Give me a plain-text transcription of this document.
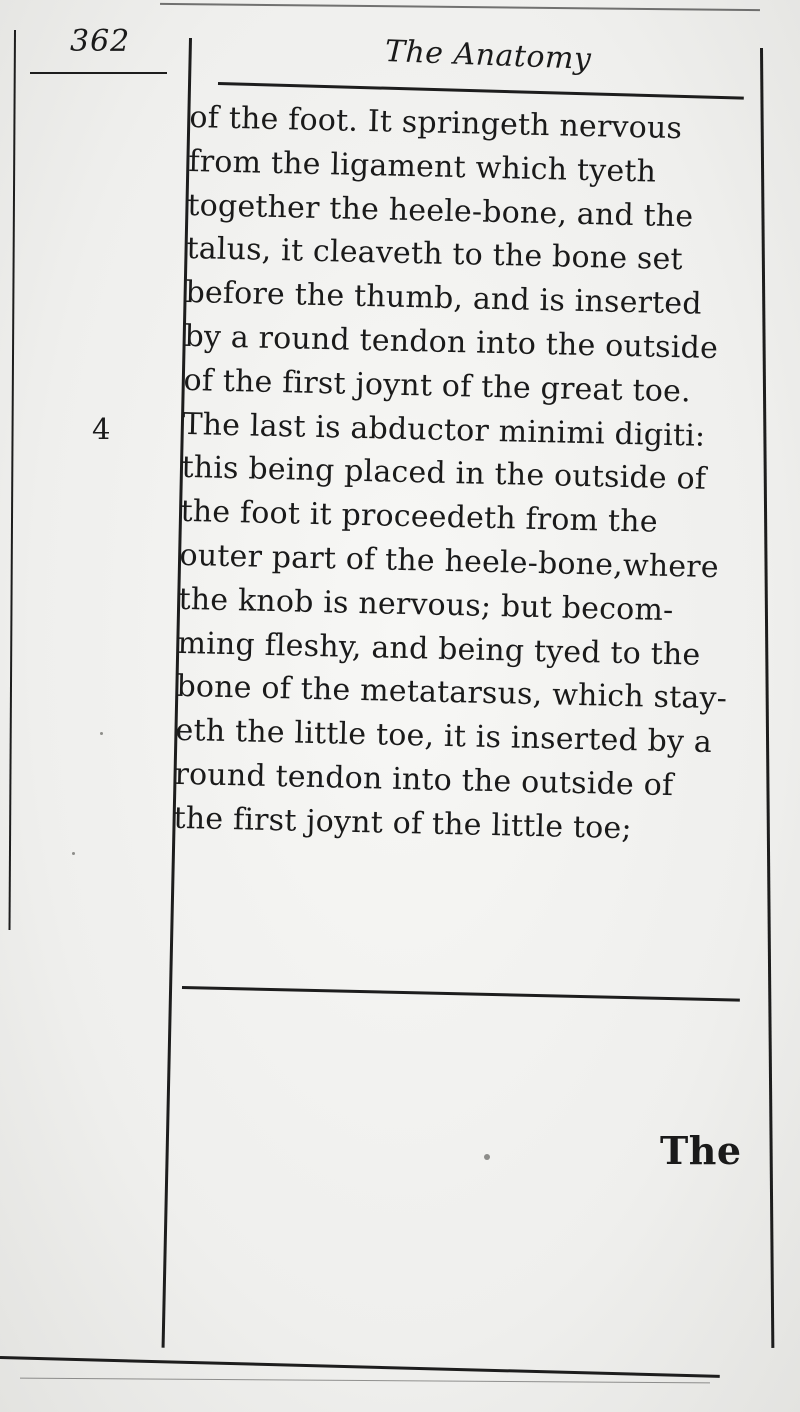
362	The Anatomy
4
of the foot. It springeth nervous
from the ligament which tyeth
together the heele-bone, and the
talus, it cleaveth to the bone set
before the thumb, and is inserted
by a round tendon into the outside
of the first joynt of the great toe.
The last is abductor minimi digiti:
this being placed in the outside of
the foot it proceedeth from the
outer part of the heele-bone,where
the knob is nervous; but becom-
ming fleshy, and being tyed to the
bone of the metatarsus, which stay-
eth the little toe, it is inserted by a
round tendon into the outside of
the first joynt of the little toe;
The
